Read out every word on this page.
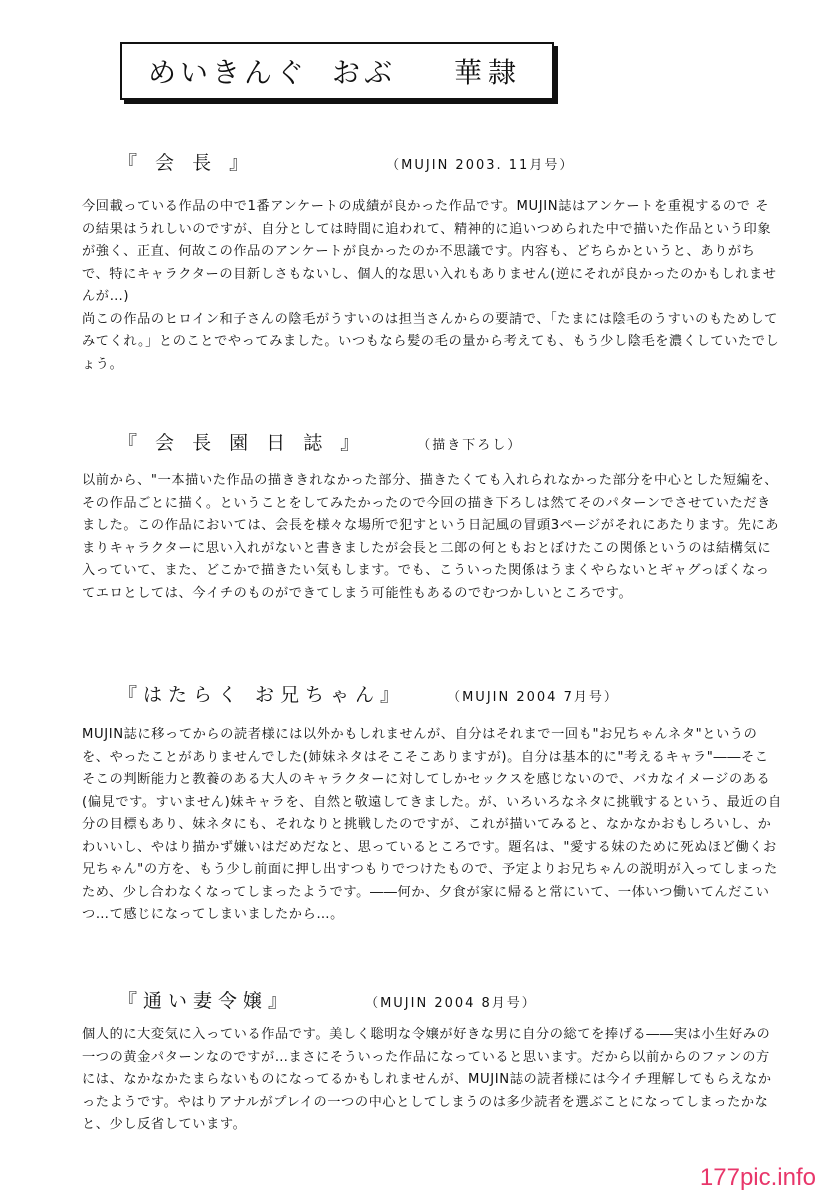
めいきんぐ おぶ 華隷
『 会 長 』	（MUJIN 2003. 11月号）
今回載っている作品の中で1番アンケートの成績が良かった作品です。MUJIN誌はアンケートを重視するので その結果はうれしいのですが、自分としては時間に追われて、精神的に追いつめられた中で描いた作品という印象が強く、正直、何故この作品のアンケートが良かったのか不思議です。内容も、どちらかというと、ありがちで、特にキャラクターの目新しさもないし、個人的な思い入れもありません(逆にそれが良かったのかもしれませんが…)
尚この作品のヒロイン和子さんの陰毛がうすいのは担当さんからの要請で、「たまには陰毛のうすいのもためしてみてくれ。」とのことでやってみました。いつもなら髪の毛の量から考えても、もう少し陰毛を濃くしていたでしょう。
『 会 長 園 日 誌 』	（描き下ろし）
以前から、"一本描いた作品の描ききれなかった部分、描きたくても入れられなかった部分を中心とした短編を、その作品ごとに描く。ということをしてみたかったので今回の描き下ろしは然てそのパターンでさせていただきました。この作品においては、会長を様々な場所で犯すという日記風の冒頭3ページがそれにあたります。先にあまりキャラクターに思い入れがないと書きましたが会長と二郎の何ともおとぼけたこの関係というのは結構気に入っていて、また、どこかで描きたい気もします。でも、こういった関係はうまくやらないとギャグっぽくなってエロとしては、今イチのものができてしまう可能性もあるのでむつかしいところです。
『はたらく お兄ちゃん』	（MUJIN 2004 7月号）
MUJIN誌に移ってからの読者様には以外かもしれませんが、自分はそれまで一回も"お兄ちゃんネタ"というのを、やったことがありませんでした(姉妹ネタはそこそこありますが)。自分は基本的に"考えるキャラ"――そこそこの判断能力と教養のある大人のキャラクターに対してしかセックスを感じないので、バカなイメージのある(偏見です。すいません)妹キャラを、自然と敬遠してきました。が、いろいろなネタに挑戦するという、最近の自分の目標もあり、妹ネタにも、それなりと挑戦したのですが、これが描いてみると、なかなかおもしろいし、かわいいし、やはり描かず嫌いはだめだなと、思っているところです。題名は、"愛する妹のために死ぬほど働くお兄ちゃん"の方を、もう少し前面に押し出すつもりでつけたもので、予定よりお兄ちゃんの説明が入ってしまったため、少し合わなくなってしまったようです。――何か、夕食が家に帰ると常にいて、一体いつ働いてんだこいつ…て感じになってしまいましたから…。
『通い妻令嬢』	（MUJIN 2004 8月号）
個人的に大変気に入っている作品です。美しく聡明な令嬢が好きな男に自分の総てを捧げる――実は小生好みの一つの黄金パターンなのですが…まさにそういった作品になっていると思います。だから以前からのファンの方には、なかなかたまらないものになってるかもしれませんが、MUJIN誌の読者様には今イチ理解してもらえなかったようです。やはりアナルがプレイの一つの中心としてしまうのは多少読者を選ぶことになってしまったかなと、少し反省しています。
177pic.info
